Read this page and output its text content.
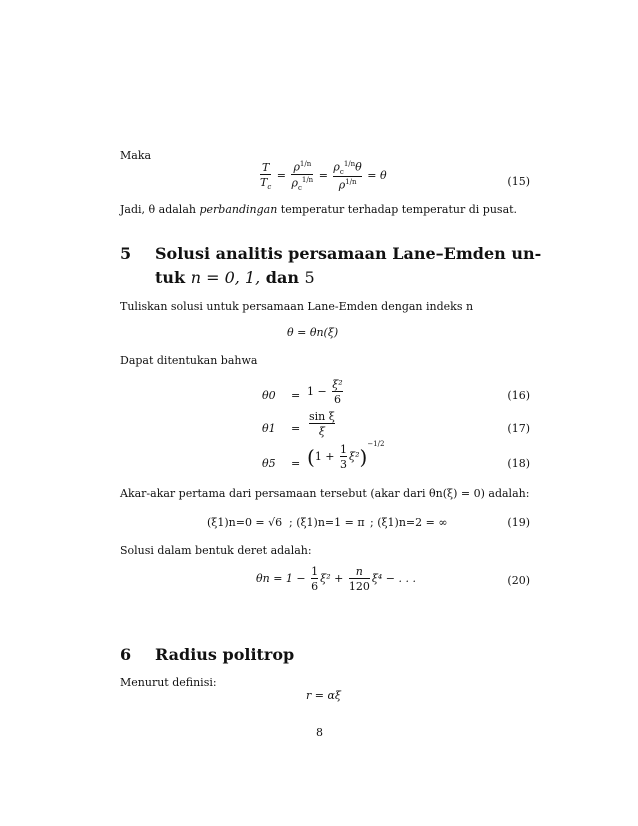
Maka
$\frac{T}{T_c} = \frac{\rho^{1/n}}{\rho_c^{1/n}} = \frac{\rho_c^{1/n}\theta}{\rho^{1/n}} = \theta$	(15)
Jadi, θ adalah perbandingan temperatur terhadap temperatur di pusat.
5 Solusi analitis persamaan Lane–Emden un-
tuk n = 0, 1, dan 5
Tuliskan solusi untuk persamaan Lane-Emden dengan indeks n
θ = θn(ξ)
Dapat ditentukan bahwa
$\theta 0 = 1 - \frac{\text{ξ²}}{6}$	(16)
$\theta 1 = \frac{\text{sin ξ}}{\xi}$	(17)
$\theta 5 = (1 + \frac{1}{3} \xi^2)^{-1/2}$
(18)
Akar-akar pertama dari persamaan tersebut (akar dari θn(ξ) = 0) adalah:
(ξ1)n=0 = √6 ; (ξ1)n=1 = π ; (ξ1)n=2 = ∞	(19)
Solusi dalam bentuk deret adalah:
$\theta n = 1 - \frac{1}{6} \xi^2 + \frac{n}{120} \xi^4$ − . . .	(20)
6 Radius politrop
Menurut definisi:
r = αξ
8
